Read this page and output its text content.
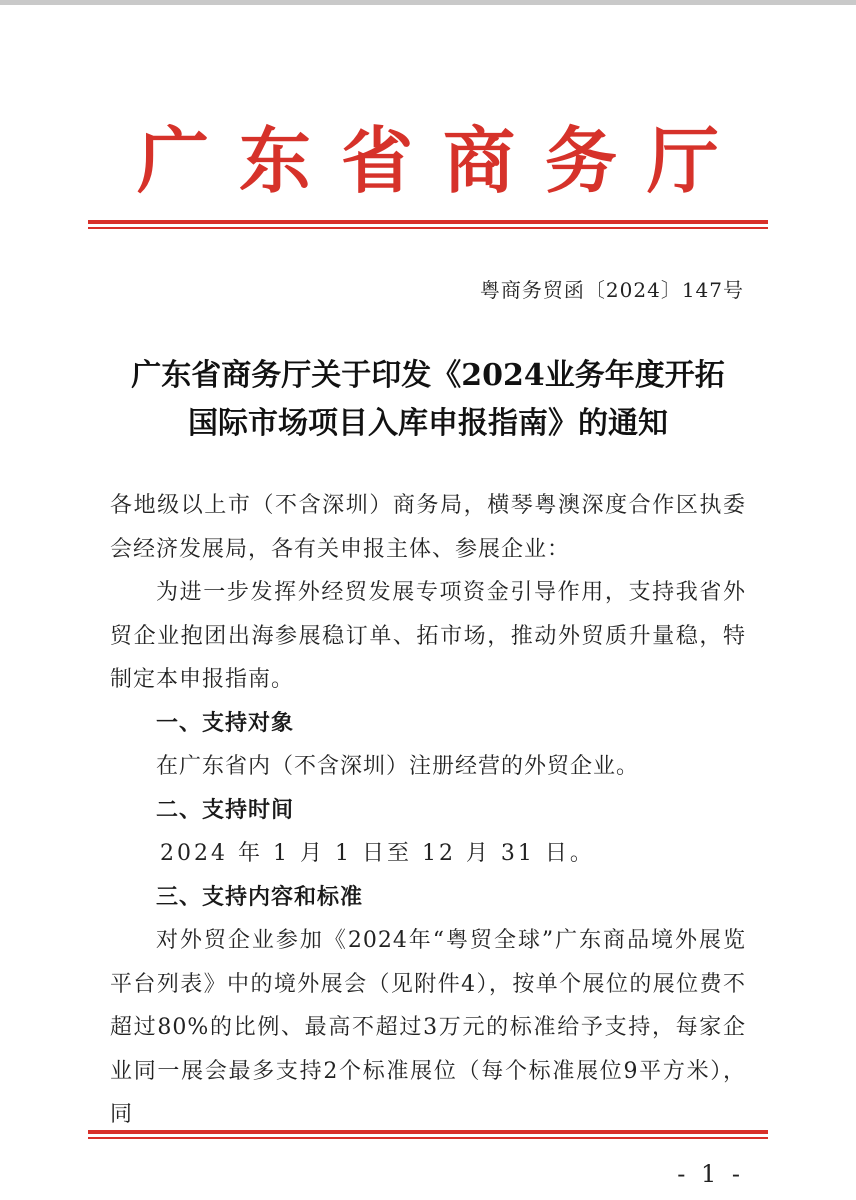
广东省商务厅
粤商务贸函〔2024〕147号
广东省商务厅关于印发《2024业务年度开拓
国际市场项目入库申报指南》的通知

各地级以上市（不含深圳）商务局，横琴粤澳深度合作区执委会经济发展局，各有关申报主体、参展企业：

为进一步发挥外经贸发展专项资金引导作用，支持我省外贸企业抱团出海参展稳订单、拓市场，推动外贸质升量稳，特制定本申报指南。

一、支持对象

在广东省内（不含深圳）注册经营的外贸企业。

二、支持时间

2024 年 1 月 1 日至 12 月 31 日。

三、支持内容和标准

对外贸企业参加《2024年“粤贸全球”广东商品境外展览平台列表》中的境外展会（见附件4），按单个展位的展位费不超过80%的比例、最高不超过3万元的标准给予支持，每家企业同一展会最多支持2个标准展位（每个标准展位9平方米），同

- 1 -
